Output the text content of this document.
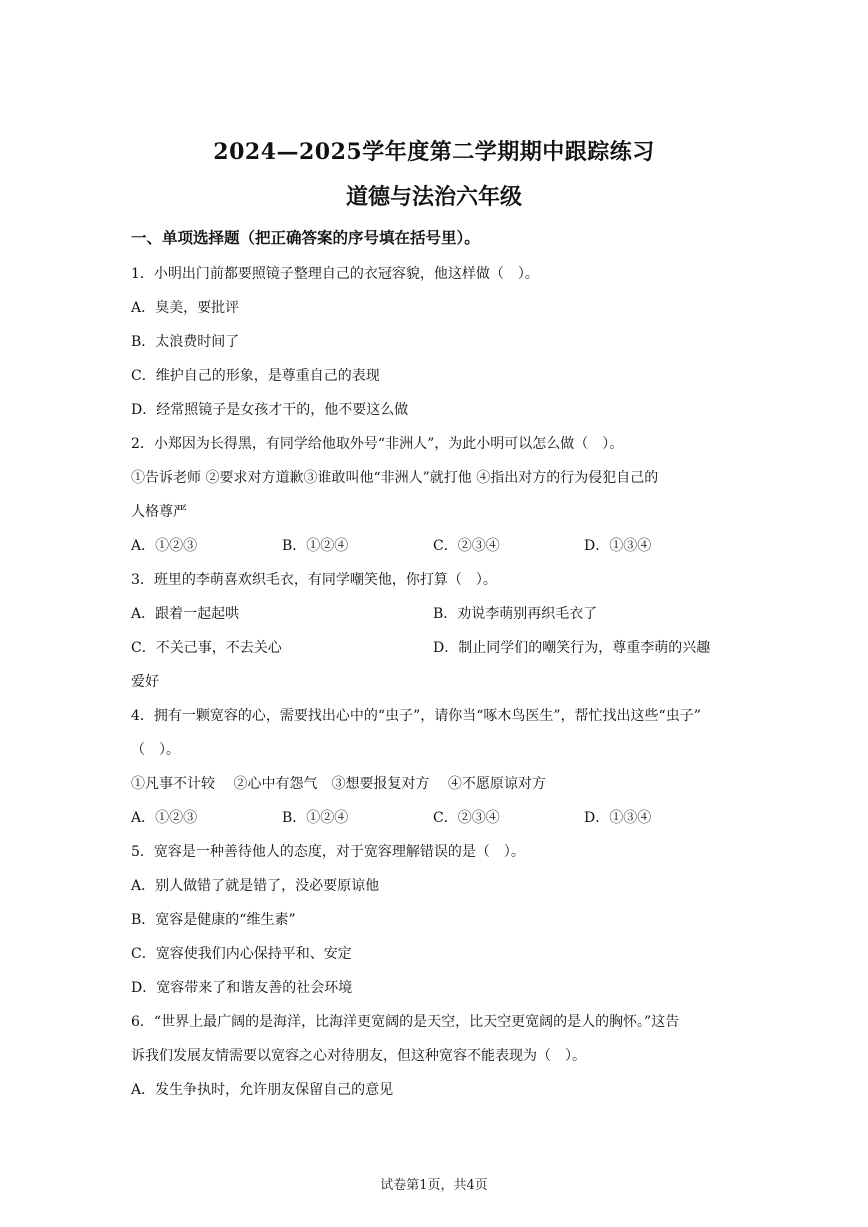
2024—2025学年度第二学期期中跟踪练习
道德与法治六年级
一、单项选择题（把正确答案的序号填在括号里）。
1．小明出门前都要照镜子整理自己的衣冠容貌，他这样做（　）。
A．臭美，要批评
B．太浪费时间了
C．维护自己的形象，是尊重自己的表现
D．经常照镜子是女孩才干的，他不要这么做
2．小郑因为长得黑，有同学给他取外号“非洲人”，为此小明可以怎么做（　）。
①告诉老师 ②要求对方道歉③谁敢叫他“非洲人”就打他 ④指出对方的行为侵犯自己的
人格尊严
A．①②③	B．①②④	C．②③④	D．①③④
3．班里的李萌喜欢织毛衣，有同学嘲笑他，你打算（　）。
A．跟着一起起哄	B．劝说李萌别再织毛衣了
C．不关己事，不去关心	D．制止同学们的嘲笑行为，尊重李萌的兴趣
爱好
4．拥有一颗宽容的心，需要找出心中的“虫子”，请你当“啄木鸟医生”，帮忙找出这些“虫子”
（　）。
①凡事不计较　 ②心中有怨气　③想要报复对方　 ④不愿原谅对方
A．①②③	B．①②④	C．②③④	D．①③④
5．宽容是一种善待他人的态度，对于宽容理解错误的是（　）。
A．别人做错了就是错了，没必要原谅他
B．宽容是健康的“维生素”
C．宽容使我们内心保持平和、安定
D．宽容带来了和谐友善的社会环境
6．“世界上最广阔的是海洋，比海洋更宽阔的是天空，比天空更宽阔的是人的胸怀。”这告
诉我们发展友情需要以宽容之心对待朋友，但这种宽容不能表现为（　）。
A．发生争执时，允许朋友保留自己的意见
试卷第1页，共4页
